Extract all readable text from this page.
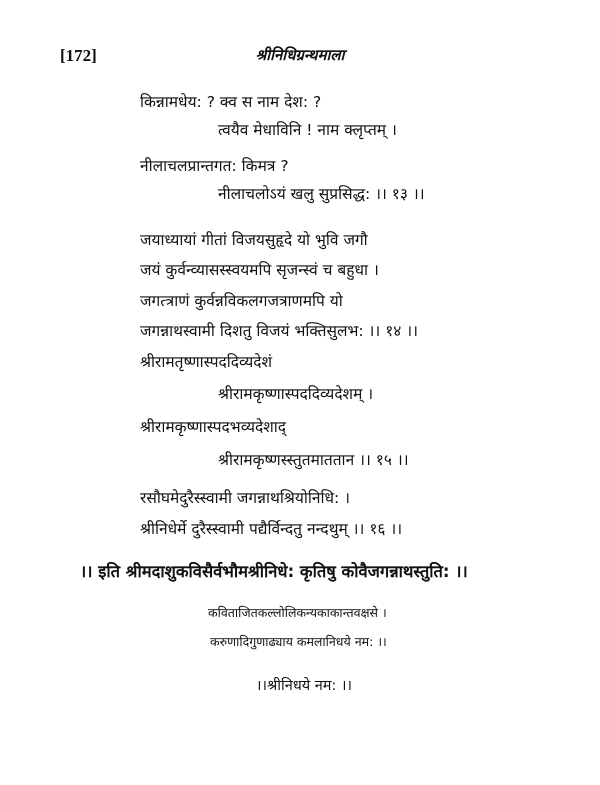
[172]	श्रीनिधिग्रन्थमाला
किन्नामधेय: ? क्व स नाम देश: ?
त्वयैव मेधाविनि ! नाम क्लृप्तम् ।
नीलाचलप्रान्तगत: किमत्र ?
नीलाचलोऽयं खलु सुप्रसिद्ध: ।। १३ ।।
जयाध्यायां गीतां विजयसुहृदे यो भुवि जगौ
जयं कुर्वन्व्यासस्स्वयमपि सृजन्स्वं च बहुधा ।
जगत्त्राणं कुर्वन्नविकलगजत्राणमपि यो
जगन्नाथस्वामी दिशतु विजयं भक्तिसुलभ: ।। १४ ।।
श्रीरामतृष्णास्पददिव्यदेशं
श्रीरामकृष्णास्पददिव्यदेशम् ।
श्रीरामकृष्णास्पदभव्यदेशाद्
श्रीरामकृष्णस्स्तुतमाततान ।। १५ ।।
रसौघमेदुरैस्स्वामी जगन्नाथश्रियोनिधि: ।
श्रीनिधेर्मे दुरैस्स्वामी पद्यैर्विन्दतु नन्दथुम् ।। १६ ।।
।। इति श्रीमदाशुकविसैर्वभौमश्रीनिधे: कृतिषु कोवैजगन्नाथस्तुति: ।।
कविताजितकल्लोलिकन्यकाकान्तवक्षसे ।
करुणादिगुणाढ्याय कमलानिधये नम: ।।
।।श्रीनिधये नम: ।।
